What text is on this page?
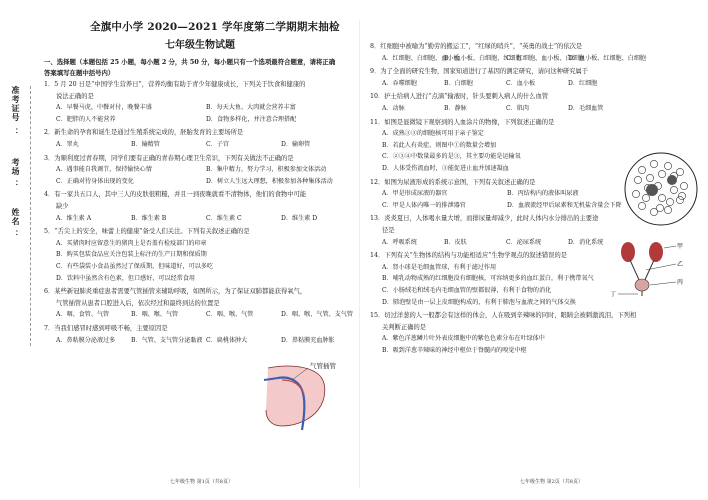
准考证号
：
考场
：
姓名
：
全旗中小学 2020—2021 学年度第二学期期末抽检
七年级生物试题
一、选择题（本题包括 25 小题，每小题 2 分，共 50 分，每小题只有一个选项最符合题意，请将正确
答案填写在题中括号内）
1．5 月 20 日是“中国学生营养日”，营养均衡有助于青少年健康成长，下列关于饮食和健康的
说法正确的是
A．早餐马虎，中餐对付，晚餐丰盛	B．每天大鱼、大肉就会营养丰富
C．肥胖的人不能营养	D．食物多样化，并注意合理搭配
2．新生命的孕育和诞生是通过生殖系统完成的，胚胎发育的主要场所是
A．睾丸	B．输精管	C．子宫	D．输卵管
3．为顺利度过青春期，同学们要有正确的青春期心理卫生常识，下列有关做法不正确的是
A．遇事能自我调节，保持愉快心情	B．集中精力，努力学习，积极参加文体活动
C．正确对待身体出现的变化	D．树立人生远大理想，积极参加各种集体活动
4．有一家共五口人，其中三人的皮肤很粗糙，并且一到夜晚就看不清物体，他们的食物中可能
缺少
A．维生素 A	B．维生素 B	C．维生素 C	D．维生素 D
5．“舌尖上的安全，味蕾上的健康”备受人们关注。下列有关叙述正确的是
A．买猪肉时应留意生的猪肉上是否盖有检疫部门的印章
B．购买包装食品应关注包装上标注的生产日期和保质期
C．有些袋装小食品虽然过了保质期，但味道好，可以多吃
D．饮料中虽然含有色素，但口感好，可以经常食用
6．某些新冠肺炎重症患者需要气管插管来辅助呼吸，如图所示，为了保证双肺都能获得氧气，
气管插管从患者口腔进入后，依次经过和最终到达的位置是
A．咽、食管、气管	B．咽、喉、气管	C．咽、喉、气管	D．咽、喉、气管、支气管
7．当我们感冒时感到呼吸不畅，主要原因是
A．鼻粘膜分泌液过多	B．气管、支气管分泌黏液 C．扁桃体肿大	D．鼻粘膜充血肿胀
气管插管
8．红细胞中被喻为“勤劳的搬运工”，“红绿的哨兵”，“英勇的战士”的依次是
A．红细胞、白细胞、血小板
B．血小板、白细胞、红细胞
C．红细胞、血小板、白细胞
D．血小板、红细胞、白细胞
9．为了全面的研究生物，国家知道进行了基因的测定研究，请问这种研究属于
A．吞噬细胞	B．白细胞	C．血小板	D．红细胞
10．护士给病人进行“点滴”输液时，针头要刺入病人的什么血管
A．动脉	B．静脉	C．肌肉	D．毛细血管
11．如图是显微镜下观察到的人血涂片的物像，下列叙述正确的是
A．成熟③③的细胞核可用于亲子鉴定
B．若此人有炎症，则图中①的数量会增加
C．②③④中数量最多的是③，其主要功能是运输氧
D．人体受伤流血时，③能促进止血并加速凝血
12．如图为尿液形成的系统示意图，下列有关叙述正确的是
A．甲是形成尿液的器官	B．丙结构内的液体叫尿液
C．甲是人体内唯一的排泄器官	D．血液流经甲后尿素和无机盐含量会下降
13．炎炎夏日，人体喝水量大增，而排尿量却减少，此时人体内水分排出的主要途
径是
A．呼吸系统	B．皮肤	C．泌尿系统	D．消化系统
14．下列有关“生物体的结构与功能相适应”生物学观点的叙述错误的是
A．肾小球是毛细血管球，有利于滤过作用
B．哺乳动物成熟的红细胞没有细胞核，可容纳更多的血红蛋白，利于携带氧气
C．小肠绒毛和绒毛内毛细血管的壁都很薄，有利于食物的消化
D．肺泡壁是由一层上皮细胞构成的，有利于肺泡与血液之间的气体交换
15．切过洋葱的人一般都会有这样的体会，人在吸到辛辣味的同时，眼睛会被刺激流泪，下列相
关判断正确的是
A．紫色洋葱鳞片叶外表皮细胞中的紫色色素分布在叶绿体中
B．吸到洋葱辛辣味的神经中枢位于脊髓内的嗅觉中枢
甲
乙
丙
丁
七年级生物 第1页（共8页）	七年级生物 第2页（共8页）
